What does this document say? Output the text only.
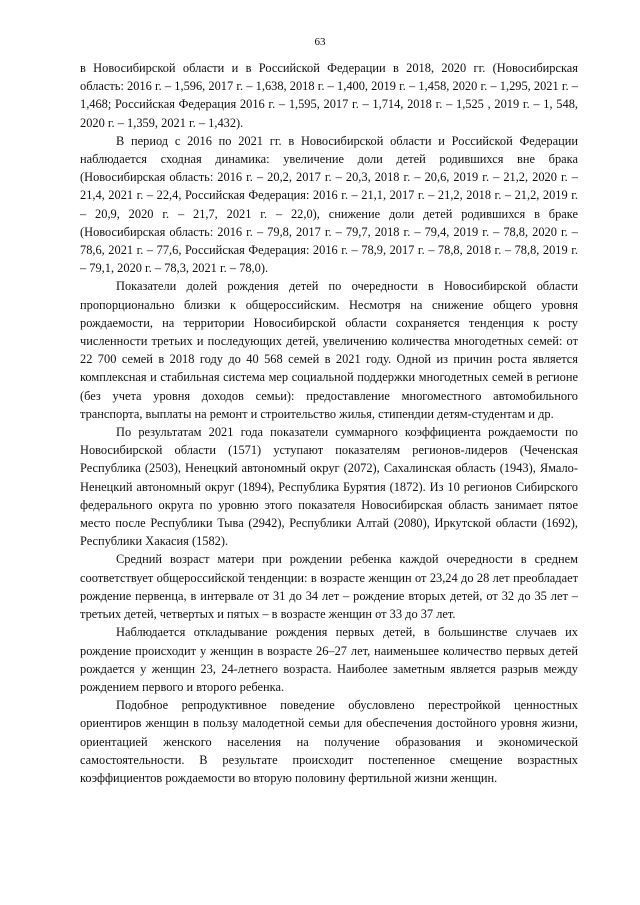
63

в Новосибирской области и в Российской Федерации в 2018, 2020 гг. (Новосибирская область: 2016 г. – 1,596, 2017 г. – 1,638, 2018 г. – 1,400, 2019 г. – 1,458, 2020 г. – 1,295, 2021 г. – 1,468; Российская Федерация 2016 г. – 1,595, 2017 г. – 1,714, 2018 г. – 1,525 , 2019 г. – 1, 548, 2020 г. – 1,359, 2021 г. – 1,432).

В период с 2016 по 2021 гг. в Новосибирской области и Российской Федерации наблюдается сходная динамика: увеличение доли детей родившихся вне брака (Новосибирская область: 2016 г. – 20,2, 2017 г. – 20,3, 2018 г. – 20,6, 2019 г. – 21,2, 2020 г. – 21,4, 2021 г. – 22,4, Российская Федерация: 2016 г. – 21,1, 2017 г. – 21,2, 2018 г. – 21,2, 2019 г. – 20,9, 2020 г. – 21,7, 2021 г. – 22,0), снижение доли детей родившихся в браке (Новосибирская область: 2016 г. – 79,8, 2017 г. – 79,7, 2018 г. – 79,4, 2019 г. – 78,8, 2020 г. – 78,6, 2021 г. – 77,6, Российская Федерация: 2016 г. – 78,9, 2017 г. – 78,8, 2018 г. – 78,8, 2019 г. – 79,1, 2020 г. – 78,3, 2021 г. – 78,0).

Показатели долей рождения детей по очередности в Новосибирской области пропорционально близки к общероссийским. Несмотря на снижение общего уровня рождаемости, на территории Новосибирской области сохраняется тенденция к росту численности третьих и последующих детей, увеличению количества многодетных семей: от 22 700 семей в 2018 году до 40 568 семей в 2021 году. Одной из причин роста является комплексная и стабильная система мер социальной поддержки многодетных семей в регионе (без учета уровня доходов семьи): предоставление многоместного автомобильного транспорта, выплаты на ремонт и строительство жилья, стипендии детям-студентам и др.

По результатам 2021 года показатели суммарного коэффициента рождаемости по Новосибирской области (1571) уступают показателям регионов-лидеров (Чеченская Республика (2503), Ненецкий автономный округ (2072), Сахалинская область (1943), Ямало-Ненецкий автономный округ (1894), Республика Бурятия (1872). Из 10 регионов Сибирского федерального округа по уровню этого показателя Новосибирская область занимает пятое место после Республики Тыва (2942), Республики Алтай (2080), Иркутской области (1692), Республики Хакасия (1582).

Средний возраст матери при рождении ребенка каждой очередности в среднем соответствует общероссийской тенденции: в возрасте женщин от 23,24 до 28 лет преобладает рождение первенца, в интервале от 31 до 34 лет – рождение вторых детей, от 32 до 35 лет – третьих детей, четвертых и пятых – в возрасте женщин от 33 до 37 лет.

Наблюдается откладывание рождения первых детей, в большинстве случаев их рождение происходит у женщин в возрасте 26–27 лет, наименьшее количество первых детей рождается у женщин 23, 24-летнего возраста. Наиболее заметным является разрыв между рождением первого и второго ребенка.

Подобное репродуктивное поведение обусловлено перестройкой ценностных ориентиров женщин в пользу малодетной семьи для обеспечения достойного уровня жизни, ориентацией женского населения на получение образования и экономической самостоятельности. В результате происходит постепенное смещение возрастных коэффициентов рождаемости во вторую половину фертильной жизни женщин.
